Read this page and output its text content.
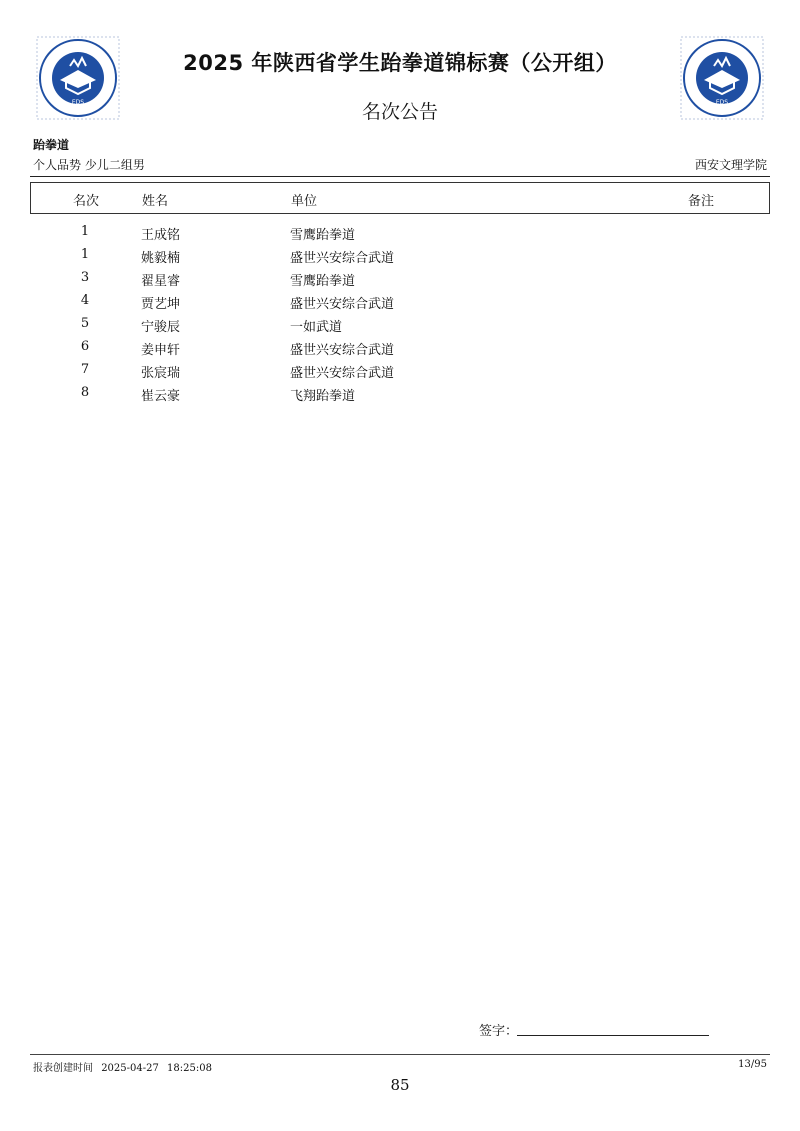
EDS	EDS
2025 年陕西省学生跆拳道锦标赛（公开组）
名次公告
跆拳道
个人品势 少儿二组男	西安文理学院
名次	姓名	单位	备注
1	王成铭	雪鹰跆拳道
1	姚毅楠	盛世兴安综合武道
3	翟星睿	雪鹰跆拳道
4	贾艺坤	盛世兴安综合武道
5	宁骏辰	一如武道
6	姜申轩	盛世兴安综合武道
7	张宸瑞	盛世兴安综合武道
8	崔云豪	飞翔跆拳道
签字：
报表创建时间 2025-04-27 18:25:08	13/95
85
